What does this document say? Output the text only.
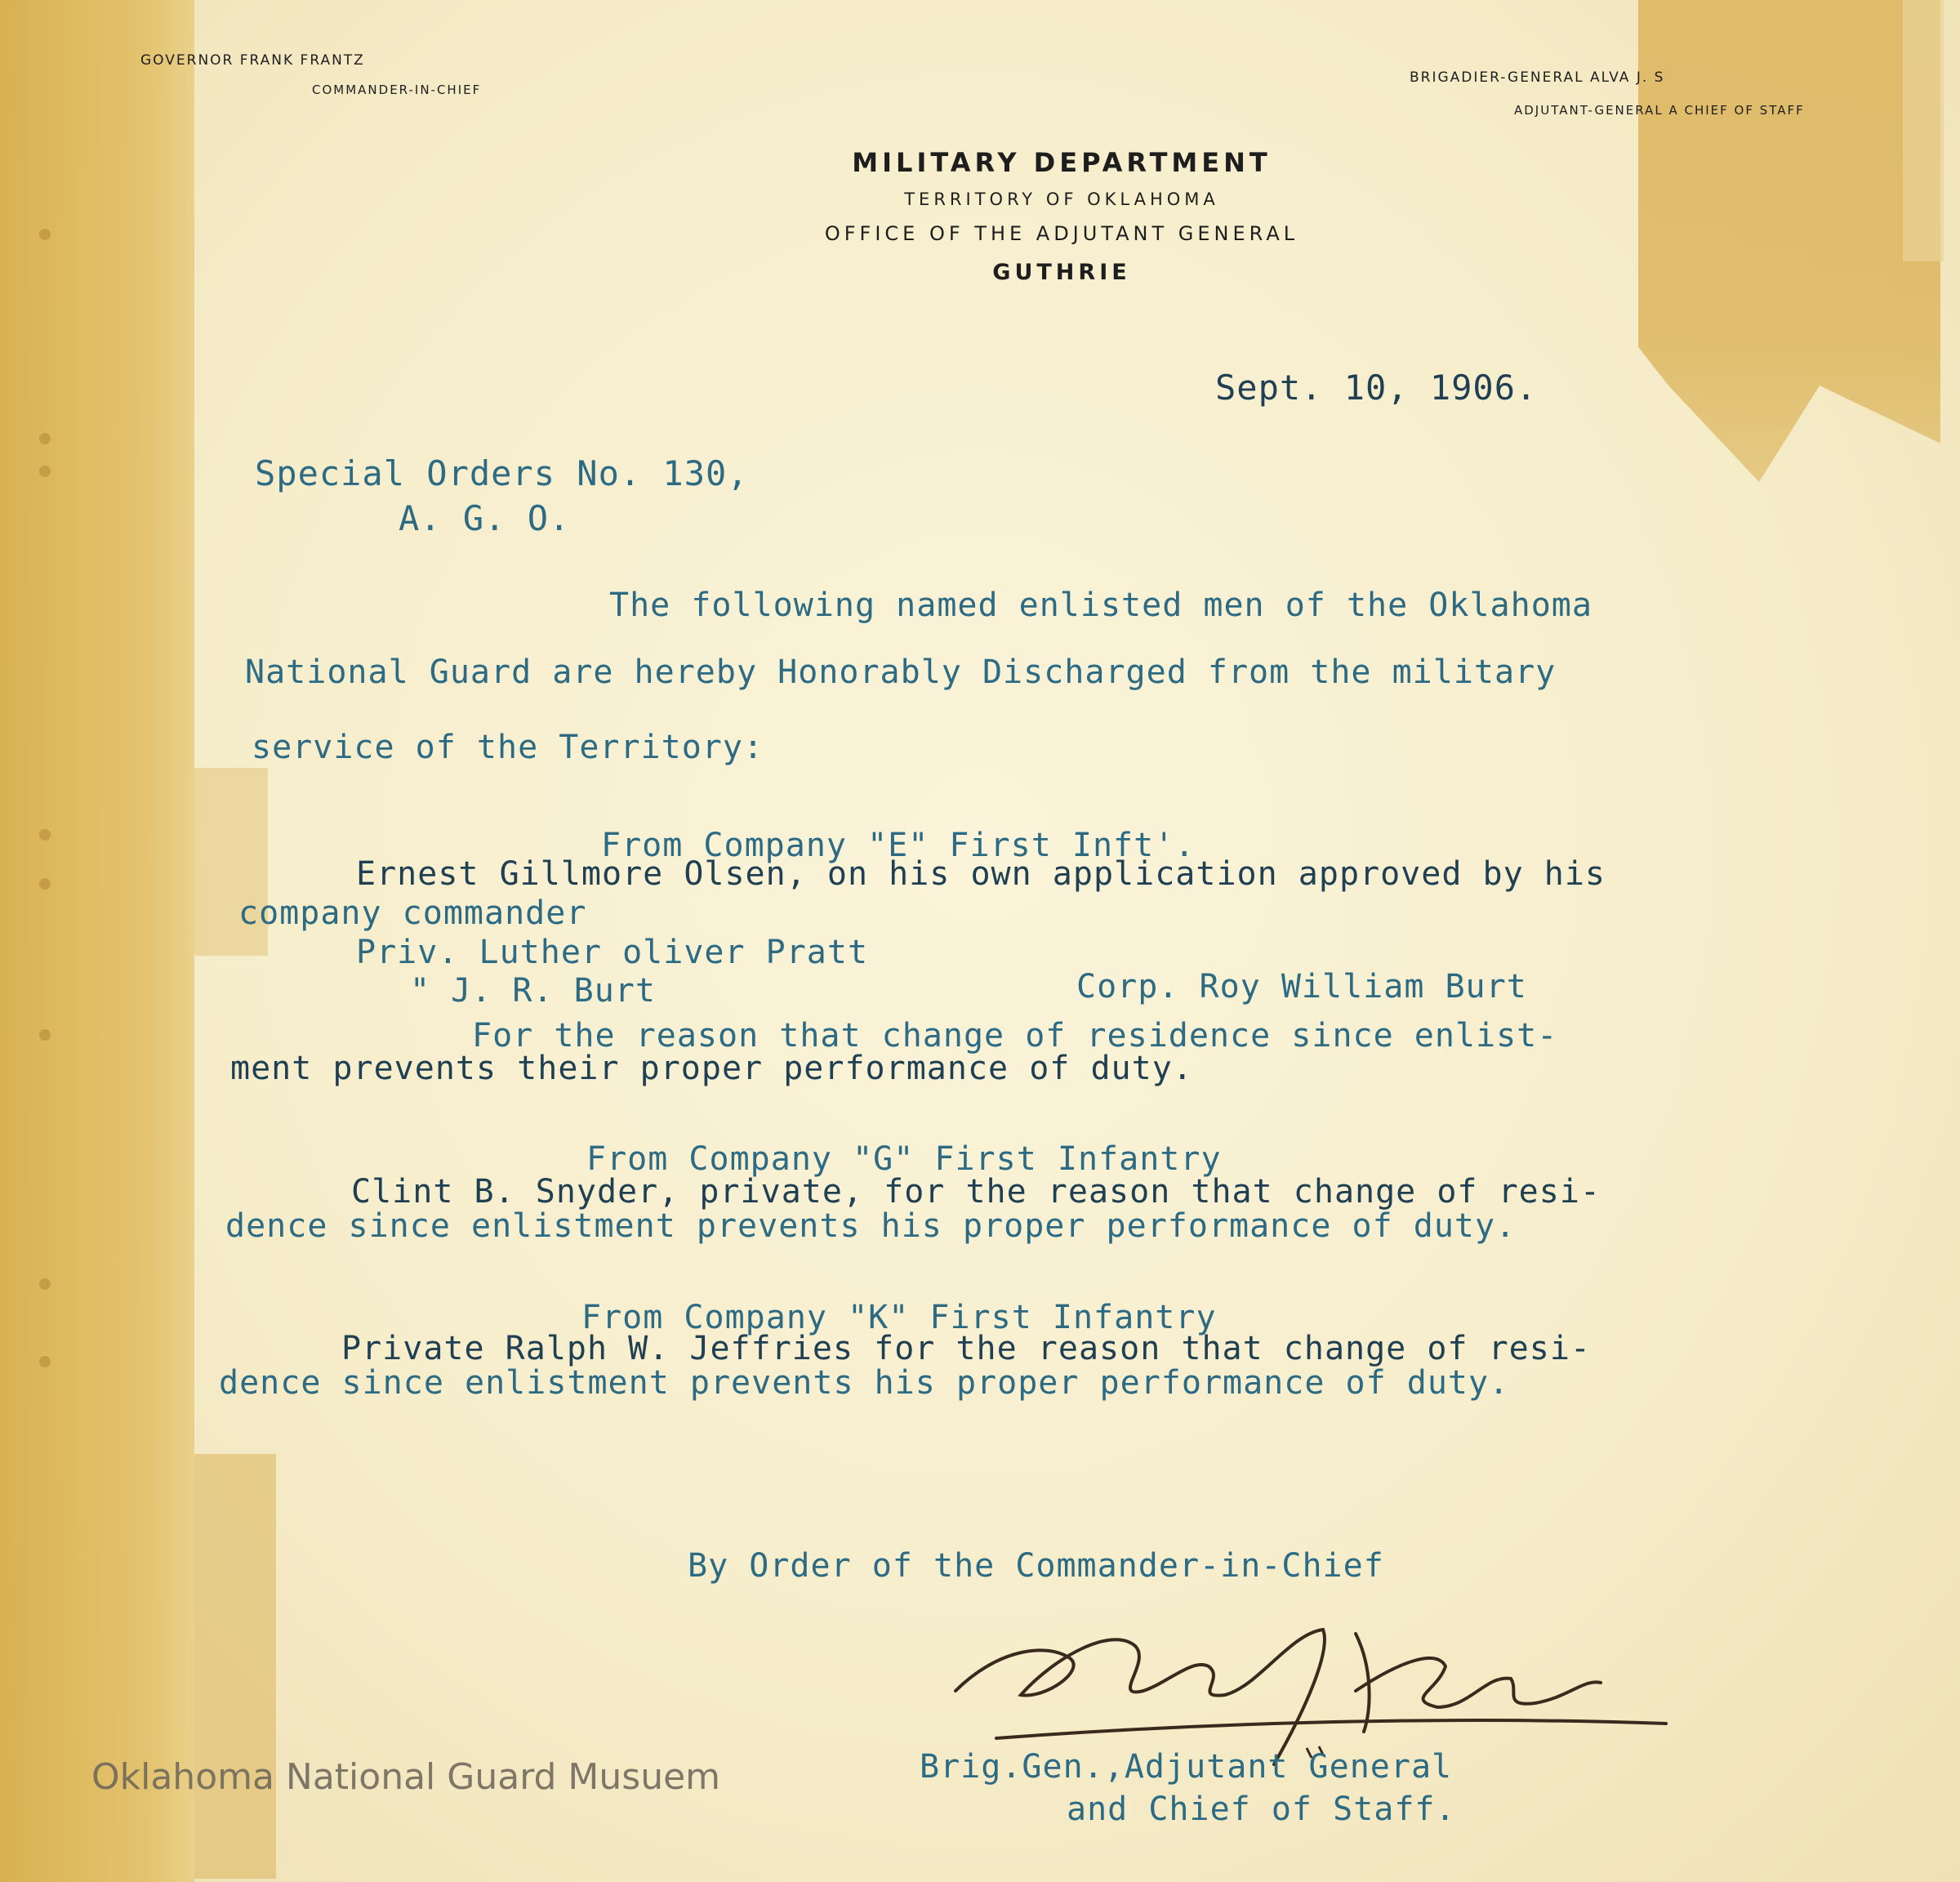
GOVERNOR FRANK FRANTZ
COMMANDER-IN-CHIEF
BRIGADIER-GENERAL ALVA J. S
ADJUTANT-GENERAL A CHIEF OF STAFF
MILITARY DEPARTMENT
TERRITORY OF OKLAHOMA
OFFICE OF THE ADJUTANT GENERAL
GUTHRIE
Sept. 10, 1906.
Special Orders No. 130,
A. G. O.
The following named enlisted men of the Oklahoma
National Guard are hereby Honorably Discharged from the military
service of the Territory:
From Company "E" First Inft'.
Ernest Gillmore Olsen, on his own application approved by his
company commander
Priv. Luther oliver Pratt
Corp. Roy William Burt
" J. R. Burt
For the reason that change of residence since enlist-
ment prevents their proper performance of duty.
From Company "G" First Infantry
Clint B. Snyder, private, for the reason that change of resi-
dence since enlistment prevents his proper performance of duty.
From Company "K" First Infantry
Private Ralph W. Jeffries for the reason that change of resi-
dence since enlistment prevents his proper performance of duty.
By Order of the Commander-in-Chief
Brig.Gen.,Adjutant General
and Chief of Staff.
Oklahoma National Guard Musuem
